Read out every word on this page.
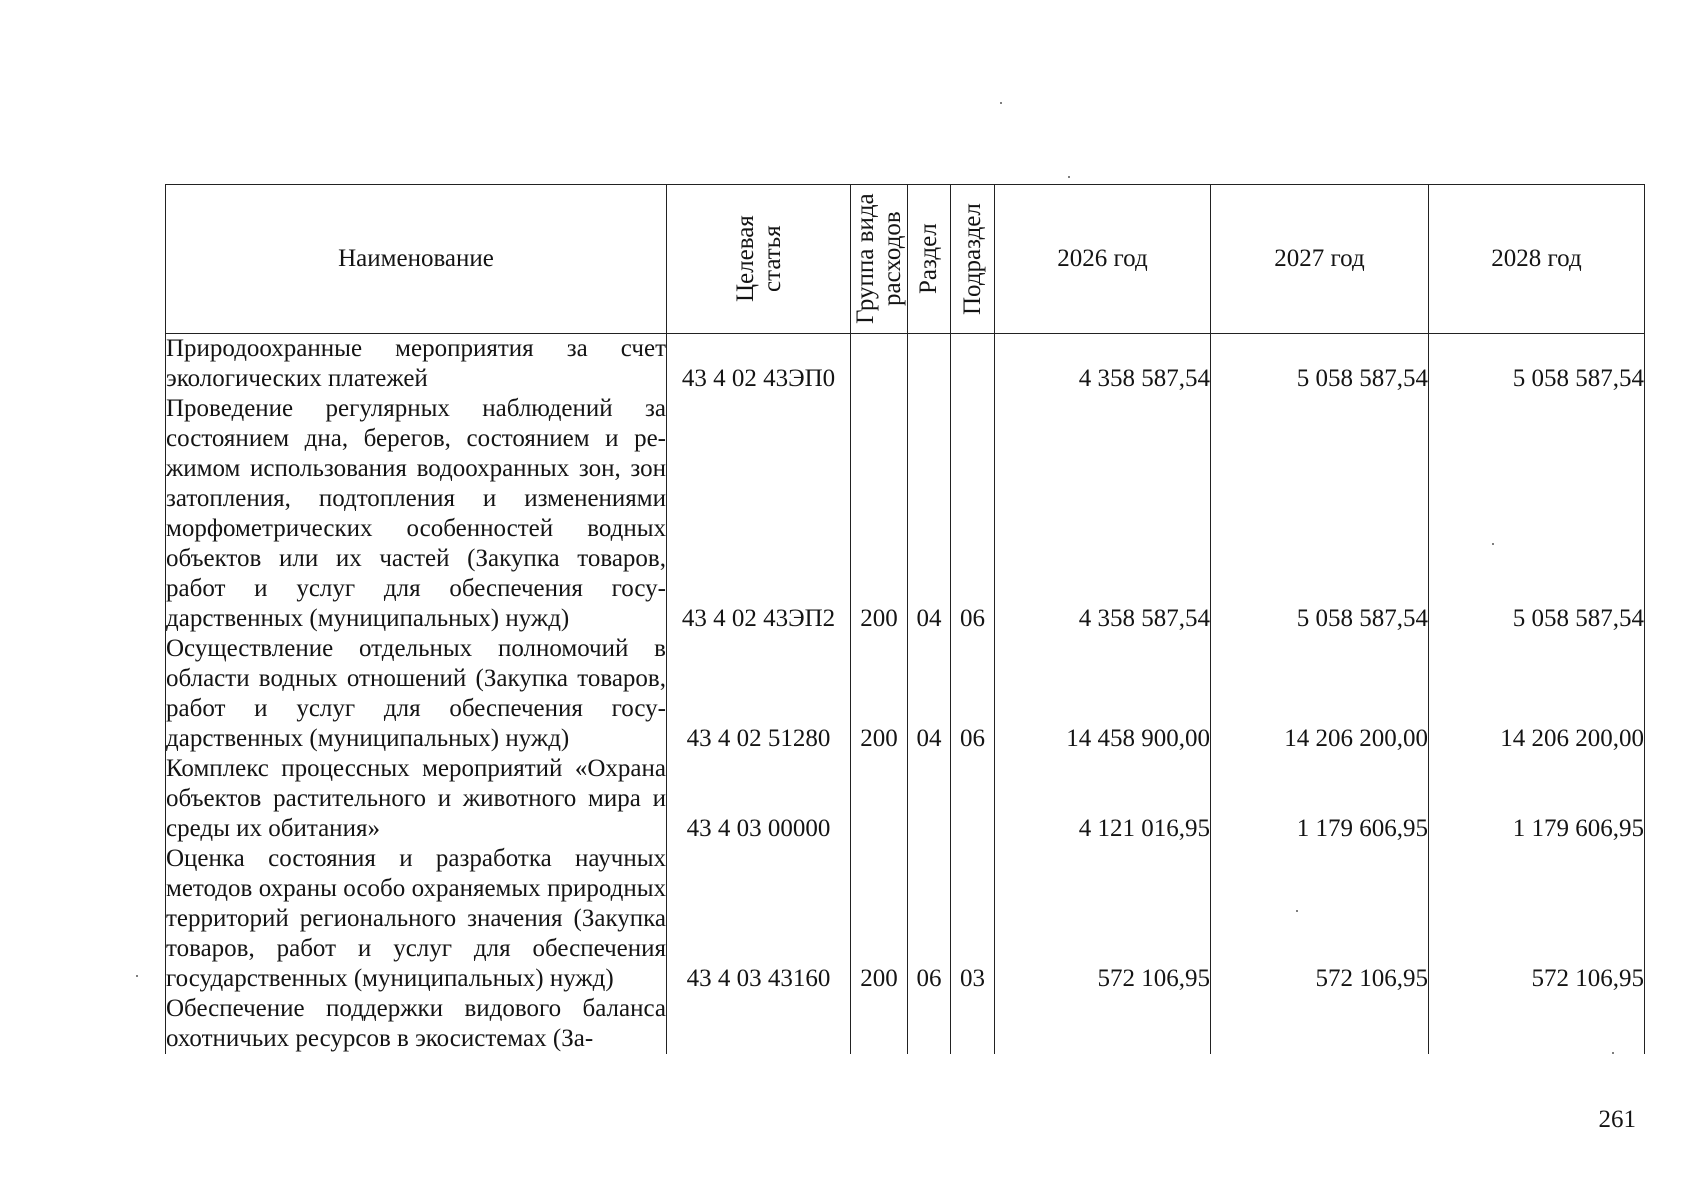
Наименование	Целевая статья	Группа вида расходов	Раздел	Подраздел	2026 год	2027 год	2028 год
Природоохранные мероприятия за счет экологических платежей	43 4 02 43ЭП0				4 358 587,54	5 058 587,54	5 058 587,54
Проведение регулярных наблюдений за состоянием дна, берегов, состоянием и режимом использования водоохранных зон, зон затопления, подтопления и изменениями морфометрических особенностей водных объектов или их частей (Закупка товаров, работ и услуг для обеспечения государственных (муниципальных) нужд)	43 4 02 43ЭП2	200	04	06	4 358 587,54	5 058 587,54	5 058 587,54
Осуществление отдельных полномочий в области водных отношений (Закупка товаров, работ и услуг для обеспечения государственных (муниципальных) нужд)	43 4 02 51280	200	04	06	14 458 900,00	14 206 200,00	14 206 200,00
Комплекс процессных мероприятий «Охрана объектов растительного и животного мира и среды их обитания»	43 4 03 00000				4 121 016,95	1 179 606,95	1 179 606,95
Оценка состояния и разработка научных методов охраны особо охраняемых природных территорий регионального значения (Закупка товаров, работ и услуг для обеспечения государственных (муниципальных) нужд)	43 4 03 43160	200	06	03	572 106,95	572 106,95	572 106,95
Обеспечение поддержки видового баланса охотничьих ресурсов в экосистемах (За-							
261
